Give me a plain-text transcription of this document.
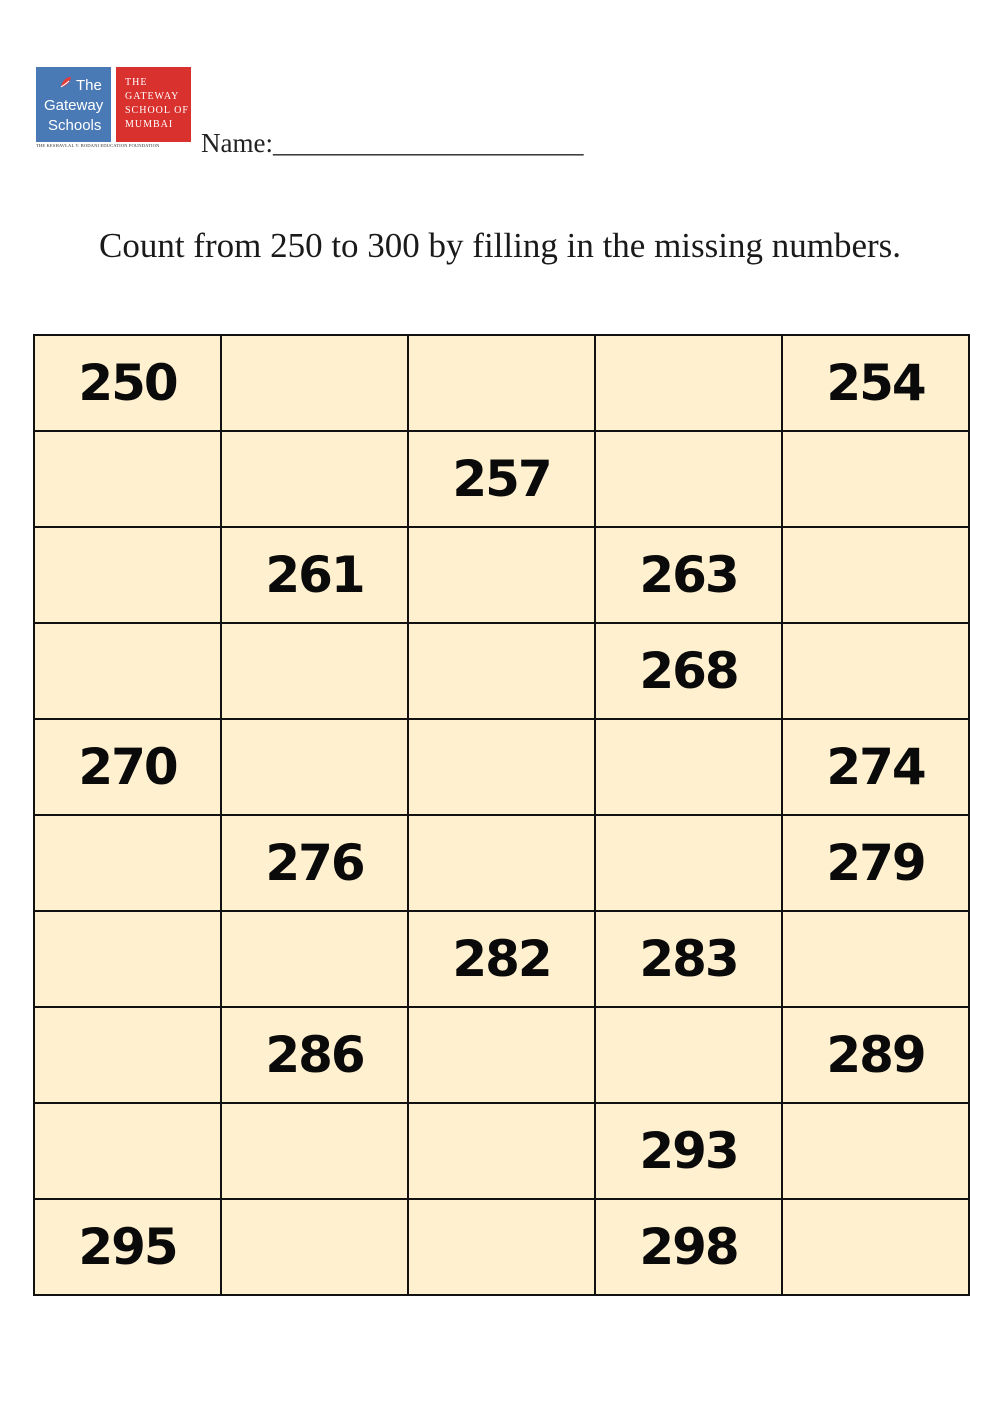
The
Gateway
Schools
THE
GATEWAY
SCHOOL OF
MUMBAI
THE KESHAVLAL V. BODANI EDUCATION FOUNDATION	Name:_______________________
Count from 250 to 300 by filling in the missing numbers.
250				254
		257		
	261		263	
			268	
270				274
	276			279
		282	283	
	286			289
			293	
295			298	
